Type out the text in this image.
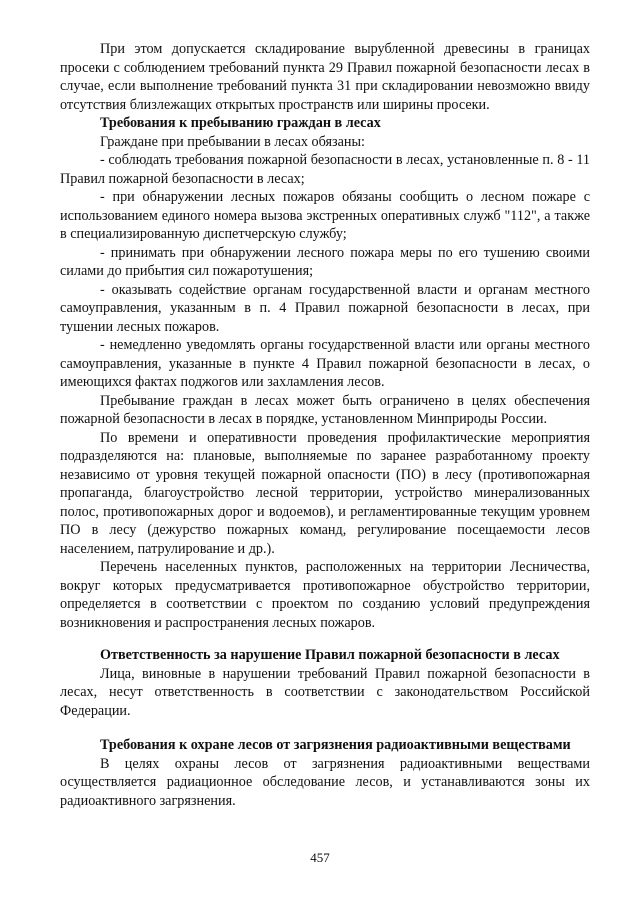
При этом допускается складирование вырубленной древесины в границах просеки с соблюдением требований пункта 29 Правил пожарной безопасности лесах в случае, если выполнение требований пункта 31 при складировании невозможно ввиду отсутствия близлежащих открытых пространств или ширины просеки.

Требования к пребыванию граждан в лесах

Граждане при пребывании в лесах обязаны:

- соблюдать требования пожарной безопасности в лесах, установленные п. 8 - 11 Правил пожарной безопасности в лесах;

- при обнаружении лесных пожаров обязаны сообщить о лесном пожаре с использованием единого номера вызова экстренных оперативных служб "112", а также в специализированную диспетчерскую службу;

- принимать при обнаружении лесного пожара меры по его тушению своими силами до прибытия сил пожаротушения;

- оказывать содействие органам государственной власти и органам местного самоуправления, указанным в п. 4 Правил пожарной безопасности в лесах, при тушении лесных пожаров.

- немедленно уведомлять органы государственной власти или органы местного самоуправления, указанные в пункте 4 Правил пожарной безопасности в лесах, о имеющихся фактах поджогов или захламления лесов.

Пребывание граждан в лесах может быть ограничено в целях обеспечения пожарной безопасности в лесах в порядке, установленном Минприроды России.

По времени и оперативности проведения профилактические мероприятия подразделяются на: плановые, выполняемые по заранее разработанному проекту независимо от уровня текущей пожарной опасности (ПО) в лесу (противопожарная пропаганда, благоустройство лесной территории, устройство минерализованных полос, противопожарных дорог и водоемов), и регламентированные текущим уровнем ПО в лесу (дежурство пожарных команд, регулирование посещаемости лесов населением, патрулирование и др.).

Перечень населенных пунктов, расположенных на территории Лесничества, вокруг которых предусматривается противопожарное обустройство территории, определяется в соответствии с проектом по созданию условий предупреждения возникновения и распространения лесных пожаров.

Ответственность за нарушение Правил пожарной безопасности в лесах

Лица, виновные в нарушении требований Правил пожарной безопасности в лесах, несут ответственность в соответствии с законодательством Российской Федерации.

Требования к охране лесов от загрязнения радиоактивными веществами

В целях охраны лесов от загрязнения радиоактивными веществами осуществляется радиационное обследование лесов, и устанавливаются зоны их радиоактивного загрязнения.

457
